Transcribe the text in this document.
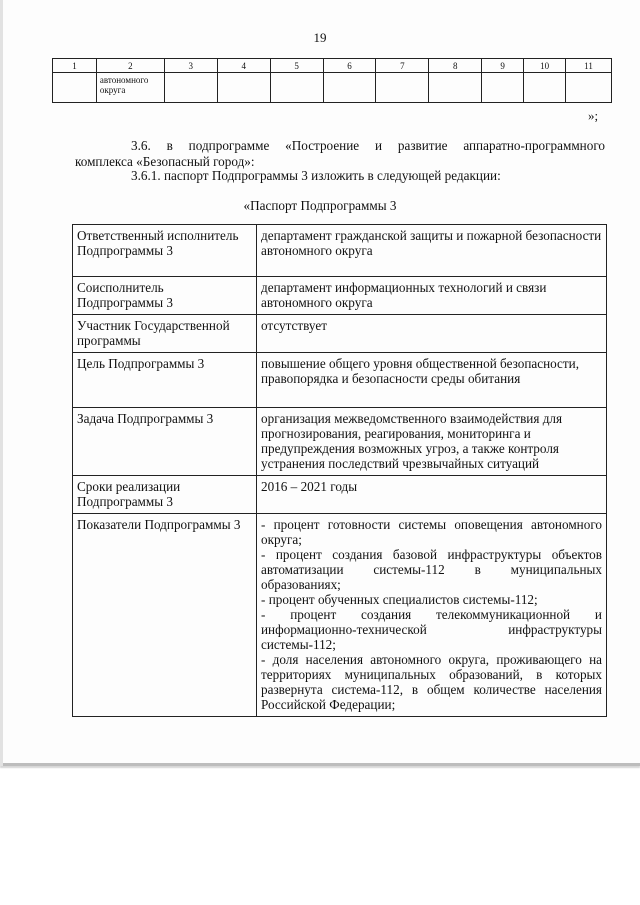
19
1	2	3	4	5	6	7	8	9	10	11
	автономного округа									
»;
3.6. в подпрограмме «Построение и развитие аппаратно-программного
комплекса «Безопасный город»:
3.6.1. паспорт Подпрограммы 3 изложить в следующей редакции:
«Паспорт Подпрограммы 3
Ответственный исполнитель Подпрограммы 3	департамент гражданской защиты и пожарной безопасности автономного округа
Соисполнитель Подпрограммы 3	департамент информационных технологий и связи автономного округа
Участник Государственной программы	отсутствует
Цель Подпрограммы 3	повышение общего уровня общественной безопасности, правопорядка и безопасности среды обитания
Задача Подпрограммы 3	организация межведомственного взаимодействия для прогнозирования, реагирования, мониторинга и предупреждения возможных угроз, а также контроля устранения последствий чрезвычайных ситуаций
Сроки реализации Подпрограммы 3	2016 – 2021 годы
Показатели Подпрограммы 3	- процент готовности системы оповещения автономного округа;
- процент создания базовой инфраструктуры объектов автоматизации системы-112 в муниципальных образованиях;
- процент обученных специалистов системы-112;
- процент создания телекоммуникационной и информационно-технической инфраструктуры системы-112;
- доля населения автономного округа, проживающего на территориях муниципальных образований, в которых развернута система-112, в общем количестве населения Российской Федерации;
